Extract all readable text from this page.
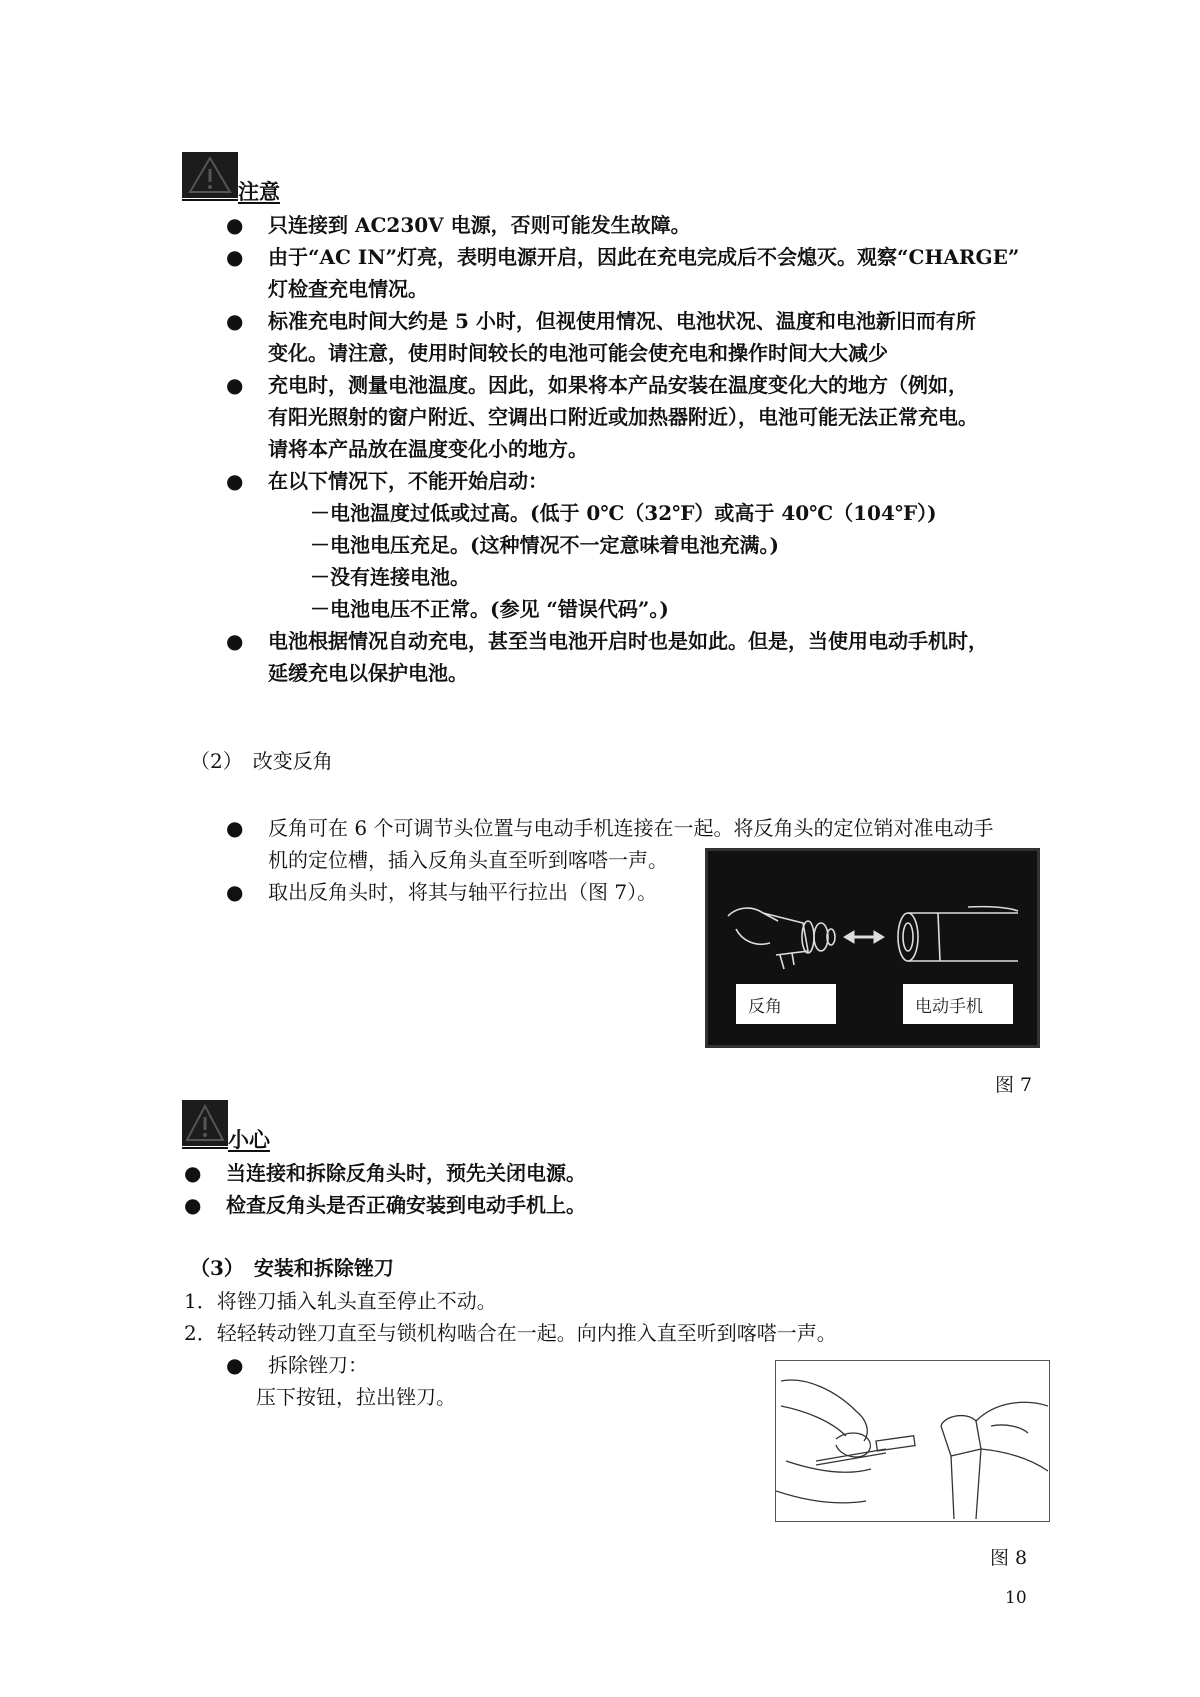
注意
● 只连接到 AC230V 电源，否则可能发生故障。
● 由于“AC IN”灯亮，表明电源开启，因此在充电完成后不会熄灭。观察“CHARGE”
灯检查充电情况。
● 标准充电时间大约是 5 小时，但视使用情况、电池状况、温度和电池新旧而有所
变化。请注意，使用时间较长的电池可能会使充电和操作时间大大减少
● 充电时，测量电池温度。因此，如果将本产品安装在温度变化大的地方（例如，
有阳光照射的窗户附近、空调出口附近或加热器附近），电池可能无法正常充电。
请将本产品放在温度变化小的地方。
● 在以下情况下，不能开始启动：
－电池温度过低或过高。(低于 0℃（32℉）或高于 40℃（104℉）)
－电池电压充足。(这种情况不一定意味着电池充满。)
－没有连接电池。
－电池电压不正常。(参见 “错误代码”。)
● 电池根据情况自动充电，甚至当电池开启时也是如此。但是，当使用电动手机时，
延缓充电以保护电池。
（2）　改变反角
● 反角可在 6 个可调节头位置与电动手机连接在一起。将反角头的定位销对准电动手
机的定位槽，插入反角头直至听到喀嗒一声。
● 取出反角头时，将其与轴平行拉出（图 7）。
反角	电动手机
图 7
小心
● 当连接和拆除反角头时，预先关闭电源。
● 检查反角头是否正确安装到电动手机上。
（3）　安装和拆除锉刀
1．将锉刀插入轧头直至停止不动。
2．轻轻转动锉刀直至与锁机构啮合在一起。向内推入直至听到喀嗒一声。
● 拆除锉刀：
压下按钮，拉出锉刀。
图 8
10
